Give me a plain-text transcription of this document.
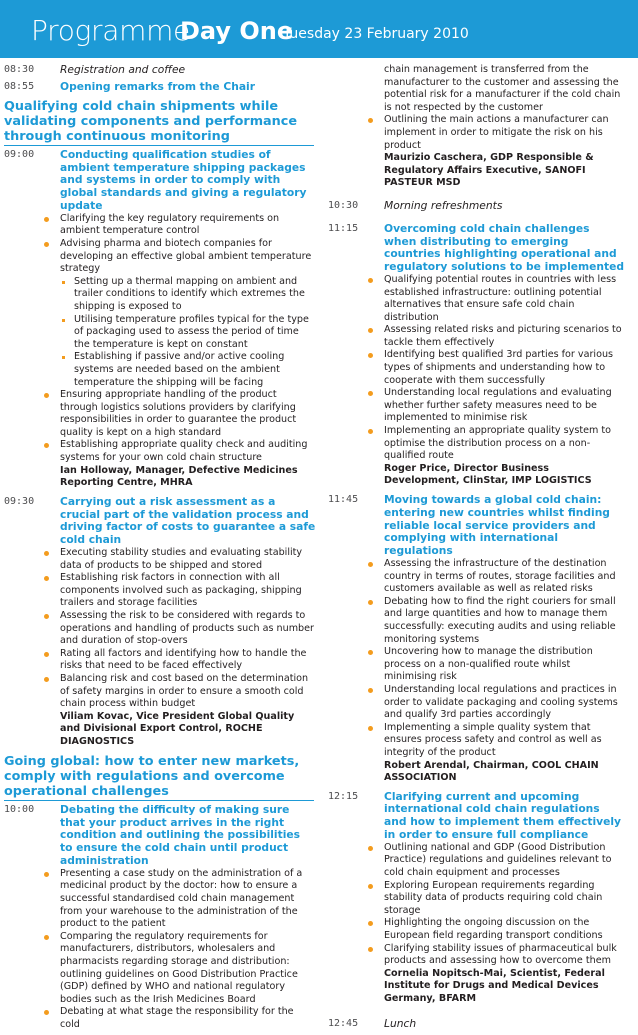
Programme
Day One
Tuesday 23 February 2010
08:30	Registration and coffee
08:55	Opening remarks from the Chair
Qualifying cold chain shipments while validating components and performance through continuous monitoring
09:00	Conducting qualification studies of ambient temperature shipping packages and systems in order to comply with global standards and giving a regulatory update
Clarifying the key regulatory requirements on ambient temperature control
Advising pharma and biotech companies for developing an effective global ambient temperature strategy
Setting up a thermal mapping on ambient and trailer conditions to identify which extremes the shipping is exposed to
Utilising temperature profiles typical for the type of packaging used to assess the period of time the temperature is kept on constant
Establishing if passive and/or active cooling systems are needed based on the ambient temperature the shipping will be facing
Ensuring appropriate handling of the product through logistics solutions providers by clarifying responsibilities in order to guarantee the product quality is kept on a high standard
Establishing appropriate quality check and auditing systems for your own cold chain structure
Ian Holloway, Manager, Defective Medicines Reporting Centre, MHRA
09:30	Carrying out a risk assessment as a crucial part of the validation process and driving factor of costs to guarantee a safe cold chain
Executing stability studies and evaluating stability data of products to be shipped and stored
Establishing risk factors in connection with all components involved such as packaging, shipping trailers and storage facilities
Assessing the risk to be considered with regards to operations and handling of products such as number and duration of stop-overs
Rating all factors and identifying how to handle the risks that need to be faced effectively
Balancing risk and cost based on the determination of safety margins in order to ensure a smooth cold chain process within budget
Viliam Kovac, Vice President Global Quality and Divisional Export Control, ROCHE DIAGNOSTICS
Going global: how to enter new markets, comply with regulations and overcome operational challenges
10:00	Debating the difficulty of making sure that your product arrives in the right condition and outlining the possibilities to ensure the cold chain until product administration
Presenting a case study on the administration of a medicinal product by the doctor: how to ensure a successful standardised cold chain management from your warehouse to the administration of the product to the patient
Comparing the regulatory requirements for manufacturers, distributors, wholesalers and pharmacists regarding storage and distribution: outlining guidelines on Good Distribution Practice (GDP) defined by WHO and national regulatory bodies such as the Irish Medicines Board
Debating at what stage the responsibility for the cold
chain management is transferred from the manufacturer to the customer and assessing the potential risk for a manufacturer if the cold chain is not respected by the customer
Outlining the main actions a manufacturer can implement in order to mitigate the risk on his product
Maurizio Caschera, GDP Responsible & Regulatory Affairs Executive, SANOFI PASTEUR MSD
10:30	Morning refreshments
11:15	Overcoming cold chain challenges when distributing to emerging countries highlighting operational and regulatory solutions to be implemented
Qualifying potential routes in countries with less established infrastructure: outlining potential alternatives that ensure safe cold chain distribution
Assessing related risks and picturing scenarios to tackle them effectively
Identifying best qualified 3rd parties for various types of shipments and understanding how to cooperate with them successfully
Understanding local regulations and evaluating whether further safety measures need to be implemented to minimise risk
Implementing an appropriate quality system to optimise the distribution process on a non-qualified route
Roger Price, Director Business Development, ClinStar, IMP LOGISTICS
11:45	Moving towards a global cold chain: entering new countries whilst finding reliable local service providers and complying with international regulations
Assessing the infrastructure of the destination country in terms of routes, storage facilities and customers available as well as related risks
Debating how to find the right couriers for small and large quantities and how to manage them successfully: executing audits and using reliable monitoring systems
Uncovering how to manage the distribution process on a non-qualified route whilst minimising risk
Understanding local regulations and practices in order to validate packaging and cooling systems and qualify 3rd parties accordingly
Implementing a simple quality system that ensures process safety and control as well as integrity of the product
Robert Arendal, Chairman, COOL CHAIN ASSOCIATION
12:15	Clarifying current and upcoming international cold chain regulations and how to implement them effectively in order to ensure full compliance
Outlining national and GDP (Good Distribution Practice) regulations and guidelines relevant to cold chain equipment and processes
Exploring European requirements regarding stability data of products requiring cold chain storage
Highlighting the ongoing discussion on the European field regarding transport conditions
Clarifying stability issues of pharmaceutical bulk products and assessing how to overcome them
Cornelia Nopitsch-Mai, Scientist, Federal Institute for Drugs and Medical Devices Germany, BFARM
12:45	Lunch
